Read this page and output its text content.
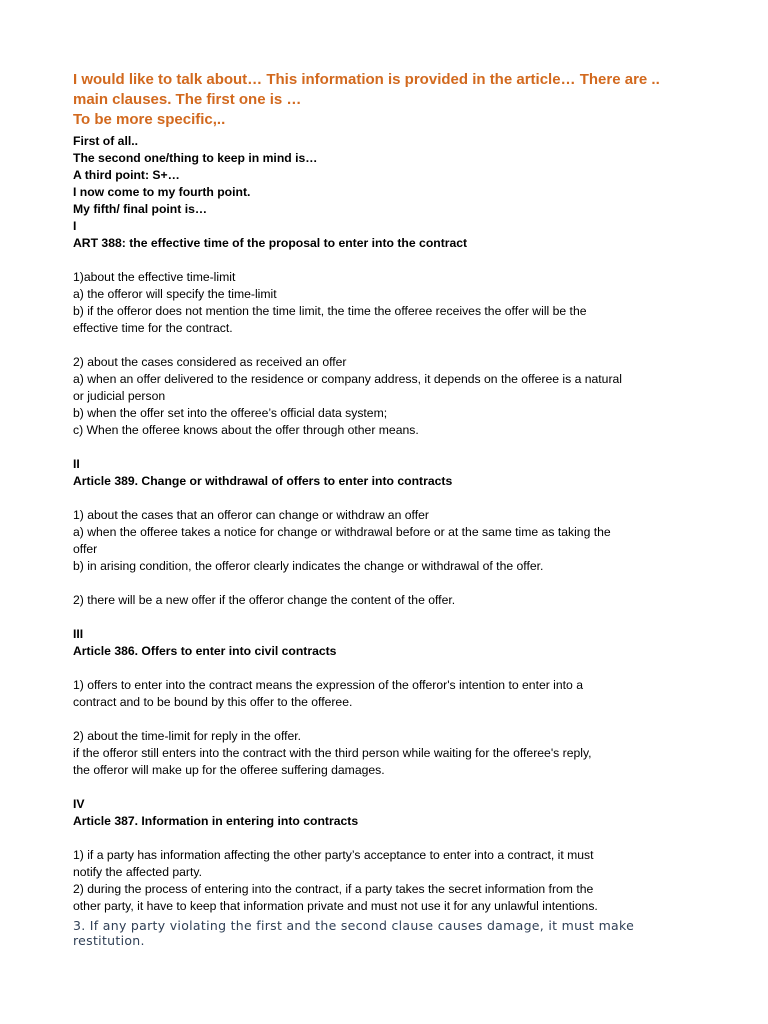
I would like to talk about… This information is provided in the article… There are ..
main clauses. The first one is …
To be more specific,..
First of all..
The second one/thing to keep in mind is…
A third point: S+…
I now come to my fourth point.
My fifth/ final point is…
I
ART 388: the effective time of the proposal to enter into the contract
1)about the effective time-limit
a) the offeror will specify the time-limit
b) if the offeror does not mention the time limit, the time the offeree receives the offer will be the
effective time for the contract.
2) about the cases considered as received an offer
a) when an offer delivered to the residence or company address, it depends on the offeree is a natural
or judicial person
b) when the offer set into the offeree’s official data system;
c) When the offeree knows about the offer through other means.
II
Article 389. Change or withdrawal of offers to enter into contracts
1) about the cases that an offeror can change or withdraw an offer
a) when the offeree takes a notice for change or withdrawal before or at the same time as taking the
offer
b) in arising condition, the offeror clearly indicates the change or withdrawal of the offer.
2) there will be a new offer if the offeror change the content of the offer.
III
Article 386. Offers to enter into civil contracts
1) offers to enter into the contract means the expression of the offeror's intention to enter into a
contract and to be bound by this offer to the offeree.
2) about the time-limit for reply in the offer.
if the offeror still enters into the contract with the third person while waiting for the offeree's reply,
the offeror will make up for the offeree suffering damages.
IV
Article 387. Information in entering into contracts
1) if a party has information affecting the other party’s acceptance to enter into a contract, it must
notify the affected party.
2) during the process of entering into the contract, if a party takes the secret information from the
other party, it have to keep that information private and must not use it for any unlawful intentions.
3. If any party violating the first and the second clause causes damage, it must make
restitution.
